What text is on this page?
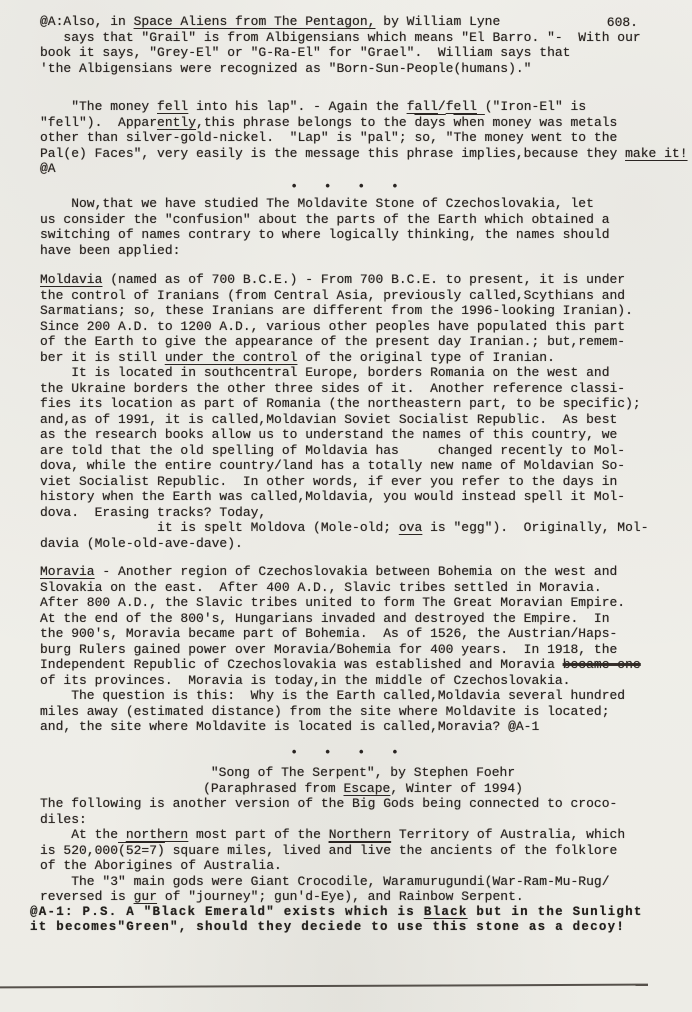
608.
@A:Also, in Space Aliens from The Pentagon, by William Lyne
says that "Grail" is from Albigensians which means "El Barro. "-  With our
book it says, "Grey-El" or "G-Ra-El" for "Grael".  William says that
'the Albigensians were recognized as "Born-Sun-People(humans)."
"The money fell into his lap". - Again the fall/fell ("Iron-El" is
"fell").  Apparently,this phrase belongs to the days when money was metals
other than silver-gold-nickel.  "Lap" is "pal"; so, "The money went to the
Pal(e) Faces", very easily is the message this phrase implies,because they make it!
@A
• • • •
Now,that we have studied The Moldavite Stone of Czechoslovakia, let
us consider the "confusion" about the parts of the Earth which obtained a
switching of names contrary to where logically thinking, the names should
have been applied:
Moldavia (named as of 700 B.C.E.) - From 700 B.C.E. to present, it is under
the control of Iranians (from Central Asia, previously called,Scythians and
Sarmatians; so, these Iranians are different from the 1996-looking Iranian).
Since 200 A.D. to 1200 A.D., various other peoples have populated this part
of the Earth to give the appearance of the present day Iranian.; but,remem-
ber it is still under the control of the original type of Iranian.
It is located in southcentral Europe, borders Romania on the west and
the Ukraine borders the other three sides of it.  Another reference classi-
fies its location as part of Romania (the northeastern part, to be specific);
and,as of 1991, it is called,Moldavian Soviet Socialist Republic.  As best
as the research books allow us to understand the names of this country, we
are told that the old spelling of Moldavia has     changed recently to Mol-
dova, while the entire country/land has a totally new name of Moldavian So-
viet Socialist Republic.  In other words, if ever you refer to the days in
history when the Earth was called,Moldavia, you would instead spell it Mol-
dova.  Erasing tracks? Today,
it is spelt Moldova (Mole-old; ova is "egg").  Originally, Mol-
davia (Mole-old-ave-dave).
Moravia - Another region of Czechoslovakia between Bohemia on the west and
Slovakia on the east.  After 400 A.D., Slavic tribes settled in Moravia.
After 800 A.D., the Slavic tribes united to form The Great Moravian Empire.
At the end of the 800's, Hungarians invaded and destroyed the Empire.  In
the 900's, Moravia became part of Bohemia.  As of 1526, the Austrian/Haps-
burg Rulers gained power over Moravia/Bohemia for 400 years.  In 1918, the
Independent Republic of Czechoslovakia was established and Moravia became one
of its provinces.  Moravia is today,in the middle of Czechoslovakia.
The question is this:  Why is the Earth called,Moldavia several hundred
miles away (estimated distance) from the site where Moldavite is located;
and, the site where Moldavite is located is called,Moravia? @A-1
• • • •
"Song of The Serpent", by Stephen Foehr
(Paraphrased from Escape, Winter of 1994)
The following is another version of the Big Gods being connected to croco-
diles:
At the northern most part of the Northern Territory of Australia, which
is 520,000(52=7) square miles, lived and live the ancients of the folklore
of the Aborigines of Australia.
The "3" main gods were Giant Crocodile, Waramurugundi(War-Ram-Mu-Rug/
reversed is gur of "journey"; gun'd-Eye), and Rainbow Serpent.
@A-1: P.S. A "Black Emerald" exists which is Black but in the Sunlight
it becomes"Green", should they deciede to use this stone as a decoy!
